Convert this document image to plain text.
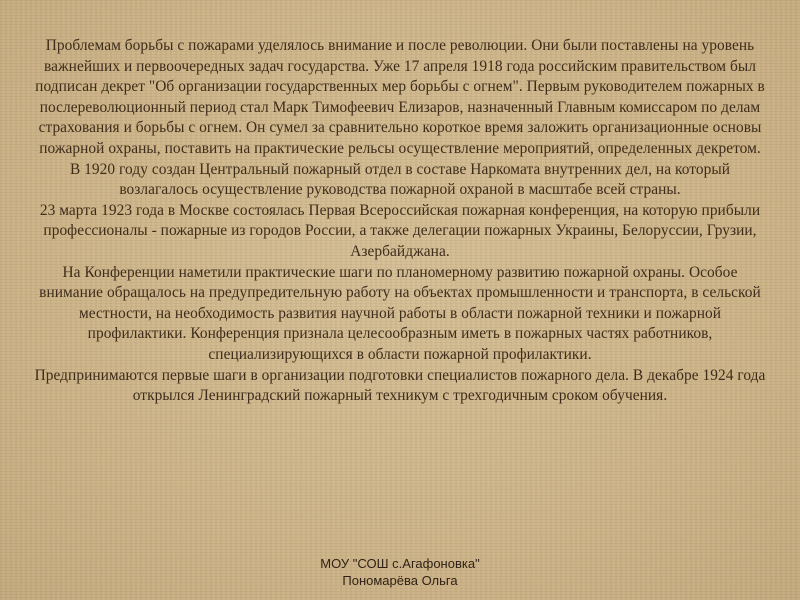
Проблемам борьбы с пожарами уделялось внимание и после революции. Они были поставлены на уровень важнейших и первоочередных задач государства. Уже 17 апреля 1918 года российским правительством был подписан декрет "Об организации государственных мер борьбы с огнем". Первым руководителем пожарных в послереволюционный период стал Марк Тимофеевич Елизаров, назначенный Главным комиссаром по делам страхования и борьбы с огнем. Он сумел за сравнительно короткое время заложить организационные основы пожарной охраны, поставить на практические рельсы осуществление мероприятий, определенных декретом.

В 1920 году создан Центральный пожарный отдел в составе Наркомата внутренних дел, на который возлагалось осуществление руководства пожарной охраной в масштабе всей страны.

23 марта 1923 года в Москве состоялась Первая Всероссийская пожарная конференция, на которую прибыли профессионалы - пожарные из городов России, а также делегации пожарных Украины, Белоруссии, Грузии, Азербайджана.

На Конференции наметили практические шаги по планомерному развитию пожарной охраны. Особое внимание обращалось на предупредительную работу на объектах промышленности и транспорта, в сельской местности, на необходимость развития научной работы в области пожарной техники и пожарной профилактики. Конференция признала целесообразным иметь в пожарных частях работников, специализирующихся в области пожарной профилактики.

Предпринимаются первые шаги в организации подготовки специалистов пожарного дела. В декабре 1924 года открылся Ленинградский пожарный техникум с трехгодичным сроком обучения.

МОУ "СОШ с.Агафоновка"
Пономарёва Ольга
